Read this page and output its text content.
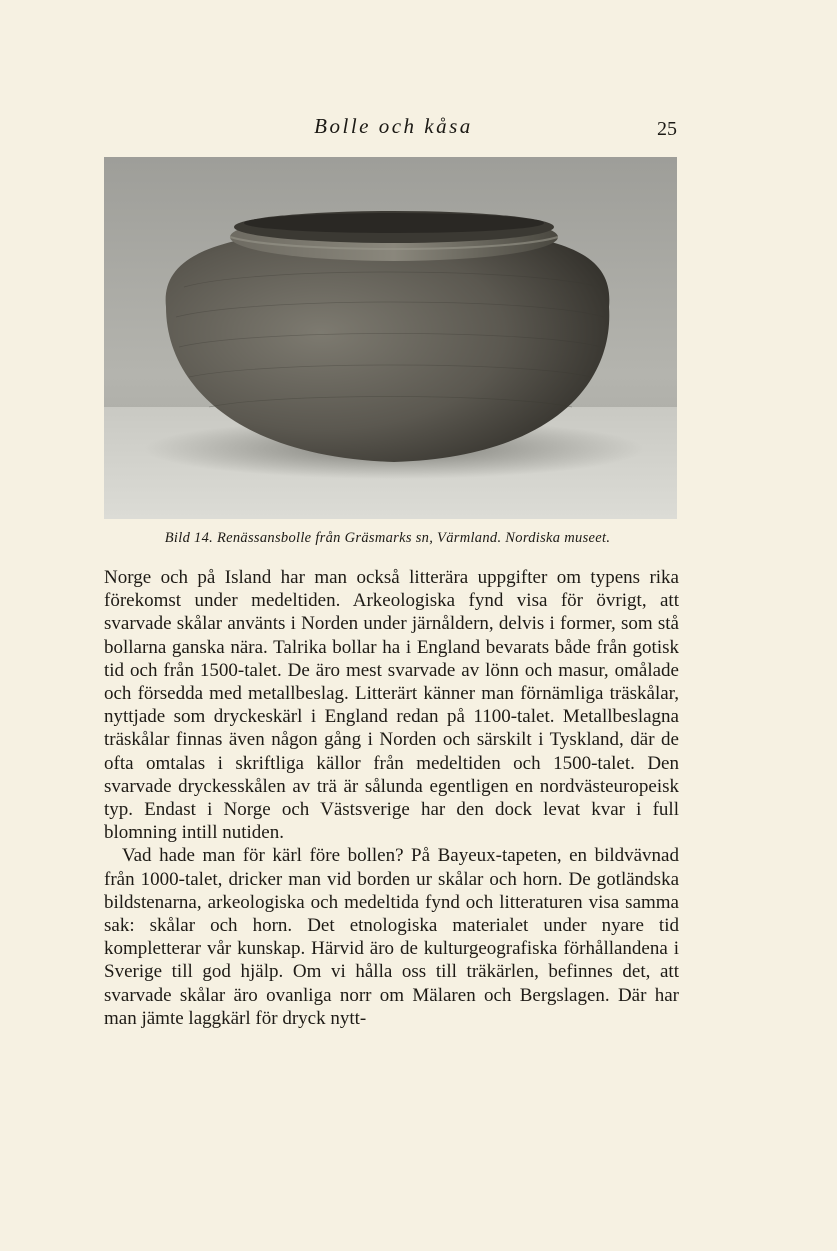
Bolle och kåsa	25
Bild 14. Renässansbolle från Gräsmarks sn, Värmland. Nordiska museet.

Norge och på Island har man också litterära uppgifter om typens rika förekomst under medeltiden. Arkeologiska fynd visa för övrigt, att svarvade skålar använts i Norden under järnåldern, delvis i former, som stå bollarna ganska nära. Talrika bollar ha i England bevarats både från gotisk tid och från 1500-talet. De äro mest svarvade av lönn och masur, omålade och försedda med metallbeslag. Litterärt känner man förnämliga träskålar, nyttjade som dryckeskärl i England redan på 1100-talet. Metallbeslagna träskålar finnas även någon gång i Norden och särskilt i Tyskland, där de ofta omtalas i skriftliga källor från medeltiden och 1500-talet. Den svarvade dryckesskålen av trä är sålunda egentligen en nordvästeuropeisk typ. Endast i Norge och Västsverige har den dock levat kvar i full blomning intill nutiden.

Vad hade man för kärl före bollen? På Bayeux-tapeten, en bildvävnad från 1000-talet, dricker man vid borden ur skålar och horn. De gotländska bildstenarna, arkeologiska och medeltida fynd och litteraturen visa samma sak: skålar och horn. Det etnologiska materialet under nyare tid kompletterar vår kunskap. Härvid äro de kulturgeografiska förhållandena i Sverige till god hjälp. Om vi hålla oss till träkärlen, befinnes det, att svarvade skålar äro ovanliga norr om Mälaren och Bergslagen. Där har man jämte laggkärl för dryck nytt-
